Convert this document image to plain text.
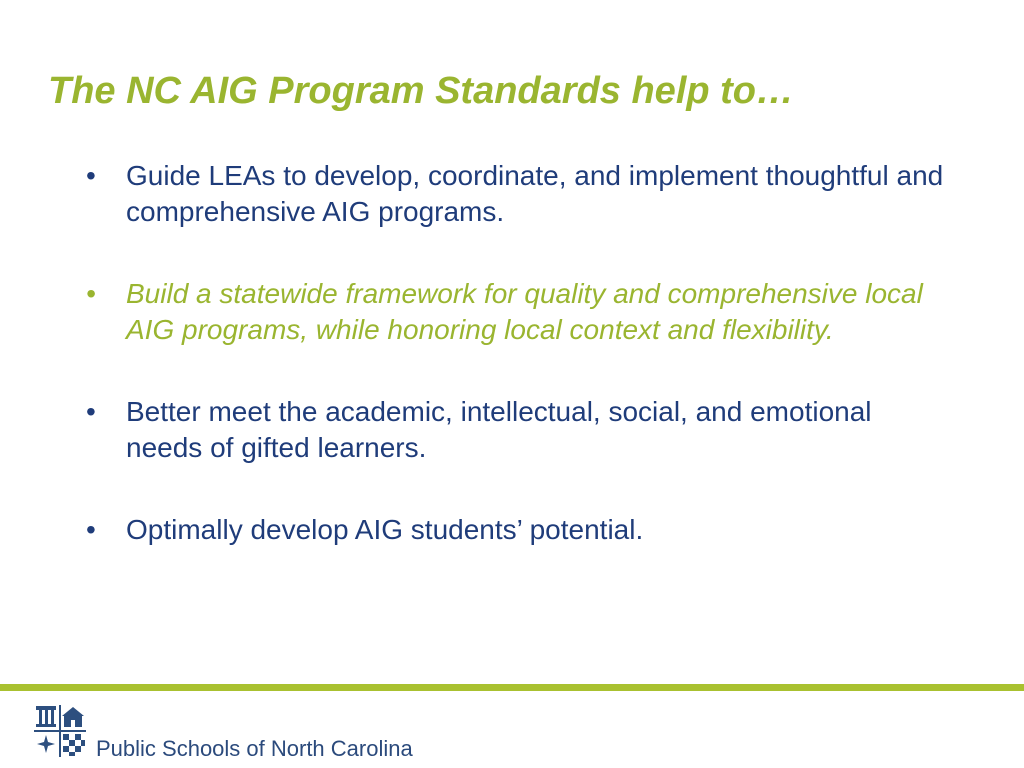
The NC AIG Program Standards help to…
• Guide LEAs to develop, coordinate, and implement thoughtful and comprehensive AIG programs.
• Build a statewide framework for quality and comprehensive local AIG programs, while honoring local context and flexibility.
• Better meet the academic, intellectual, social, and emotional needs of gifted learners.
• Optimally develop AIG students’ potential.
Public Schools of North Carolina
